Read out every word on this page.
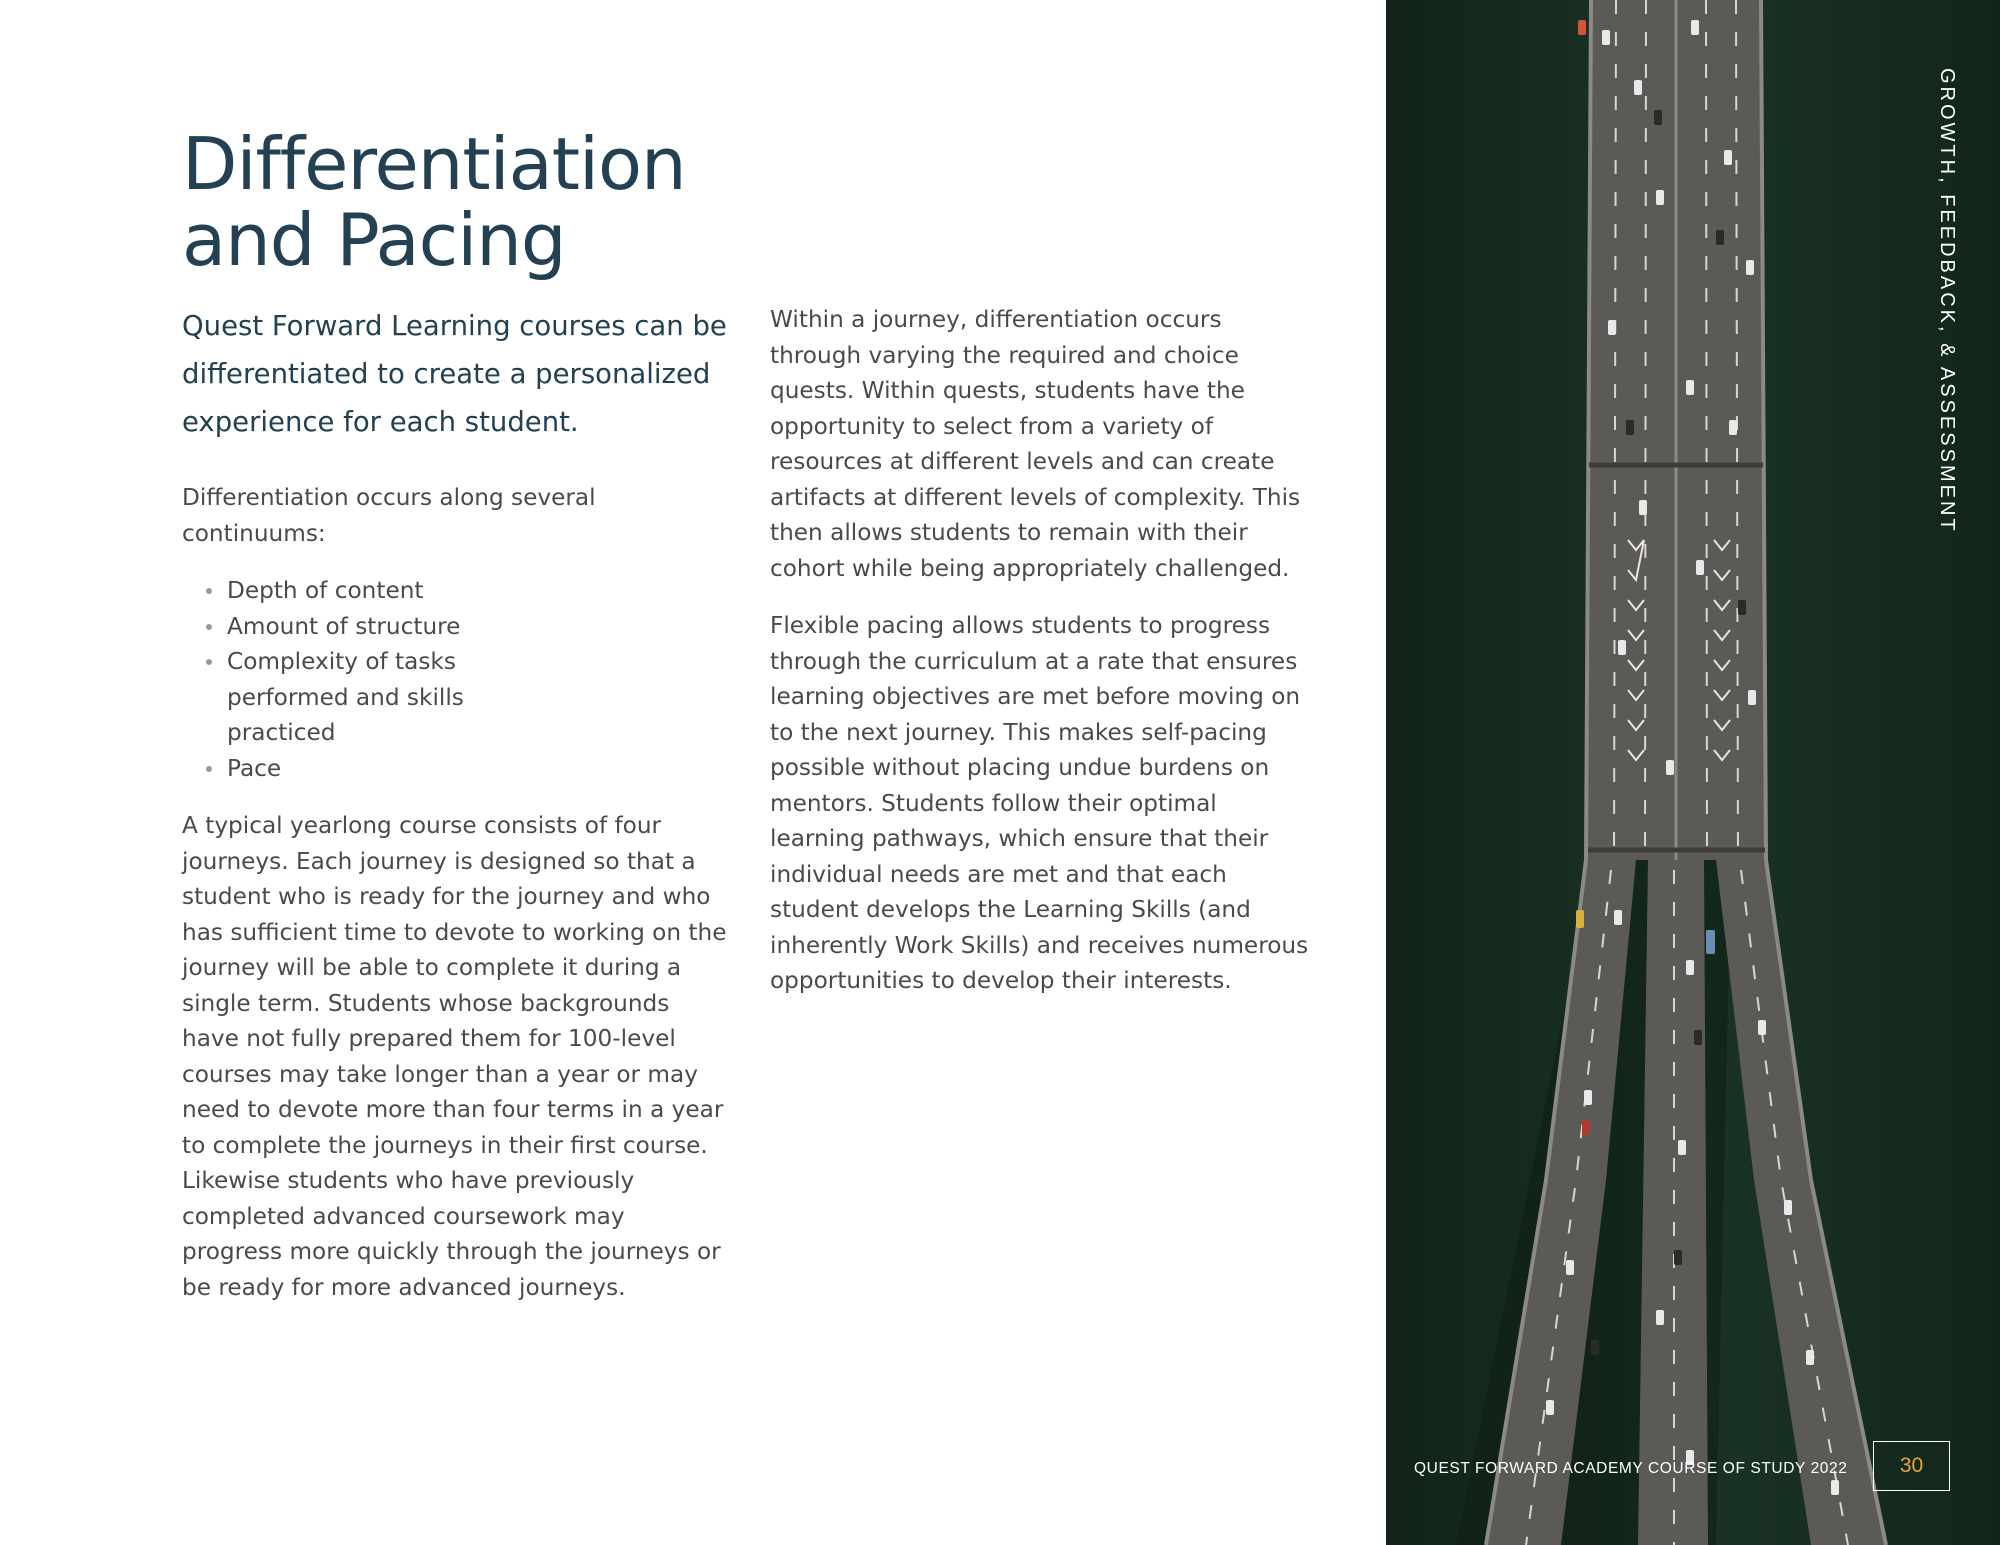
Differentiation
and Pacing

Quest Forward Learning courses can be differentiated to create a personalized experience for each student.

Differentiation occurs along several continuums:

Depth of content
Amount of structure
Complexity of tasks performed and skills practiced
Pace

A typical yearlong course consists of four journeys. Each journey is designed so that a student who is ready for the journey and who has sufficient time to devote to working on the journey will be able to complete it during a single term. Students whose backgrounds have not fully prepared them for 100-level courses may take longer than a year or may need to devote more than four terms in a year to complete the journeys in their first course. Likewise students who have previously completed advanced coursework may progress more quickly through the journeys or be ready for more advanced journeys.

Within a journey, differentiation occurs through varying the required and choice quests. Within quests, students have the opportunity to select from a variety of resources at different levels and can create artifacts at different levels of complexity. This then allows students to remain with their cohort while being appropriately challenged.

Flexible pacing allows students to progress through the curriculum at a rate that ensures learning objectives are met before moving on to the next journey. This makes self-pacing possible without placing undue burdens on mentors. Students follow their optimal learning pathways, which ensure that their individual needs are met and that each student develops the Learning Skills (and inherently Work Skills) and receives numerous opportunities to develop their interests.

GROWTH, FEEDBACK, & ASSESSMENT
QUEST FORWARD ACADEMY COURSE OF STUDY 2022	30
